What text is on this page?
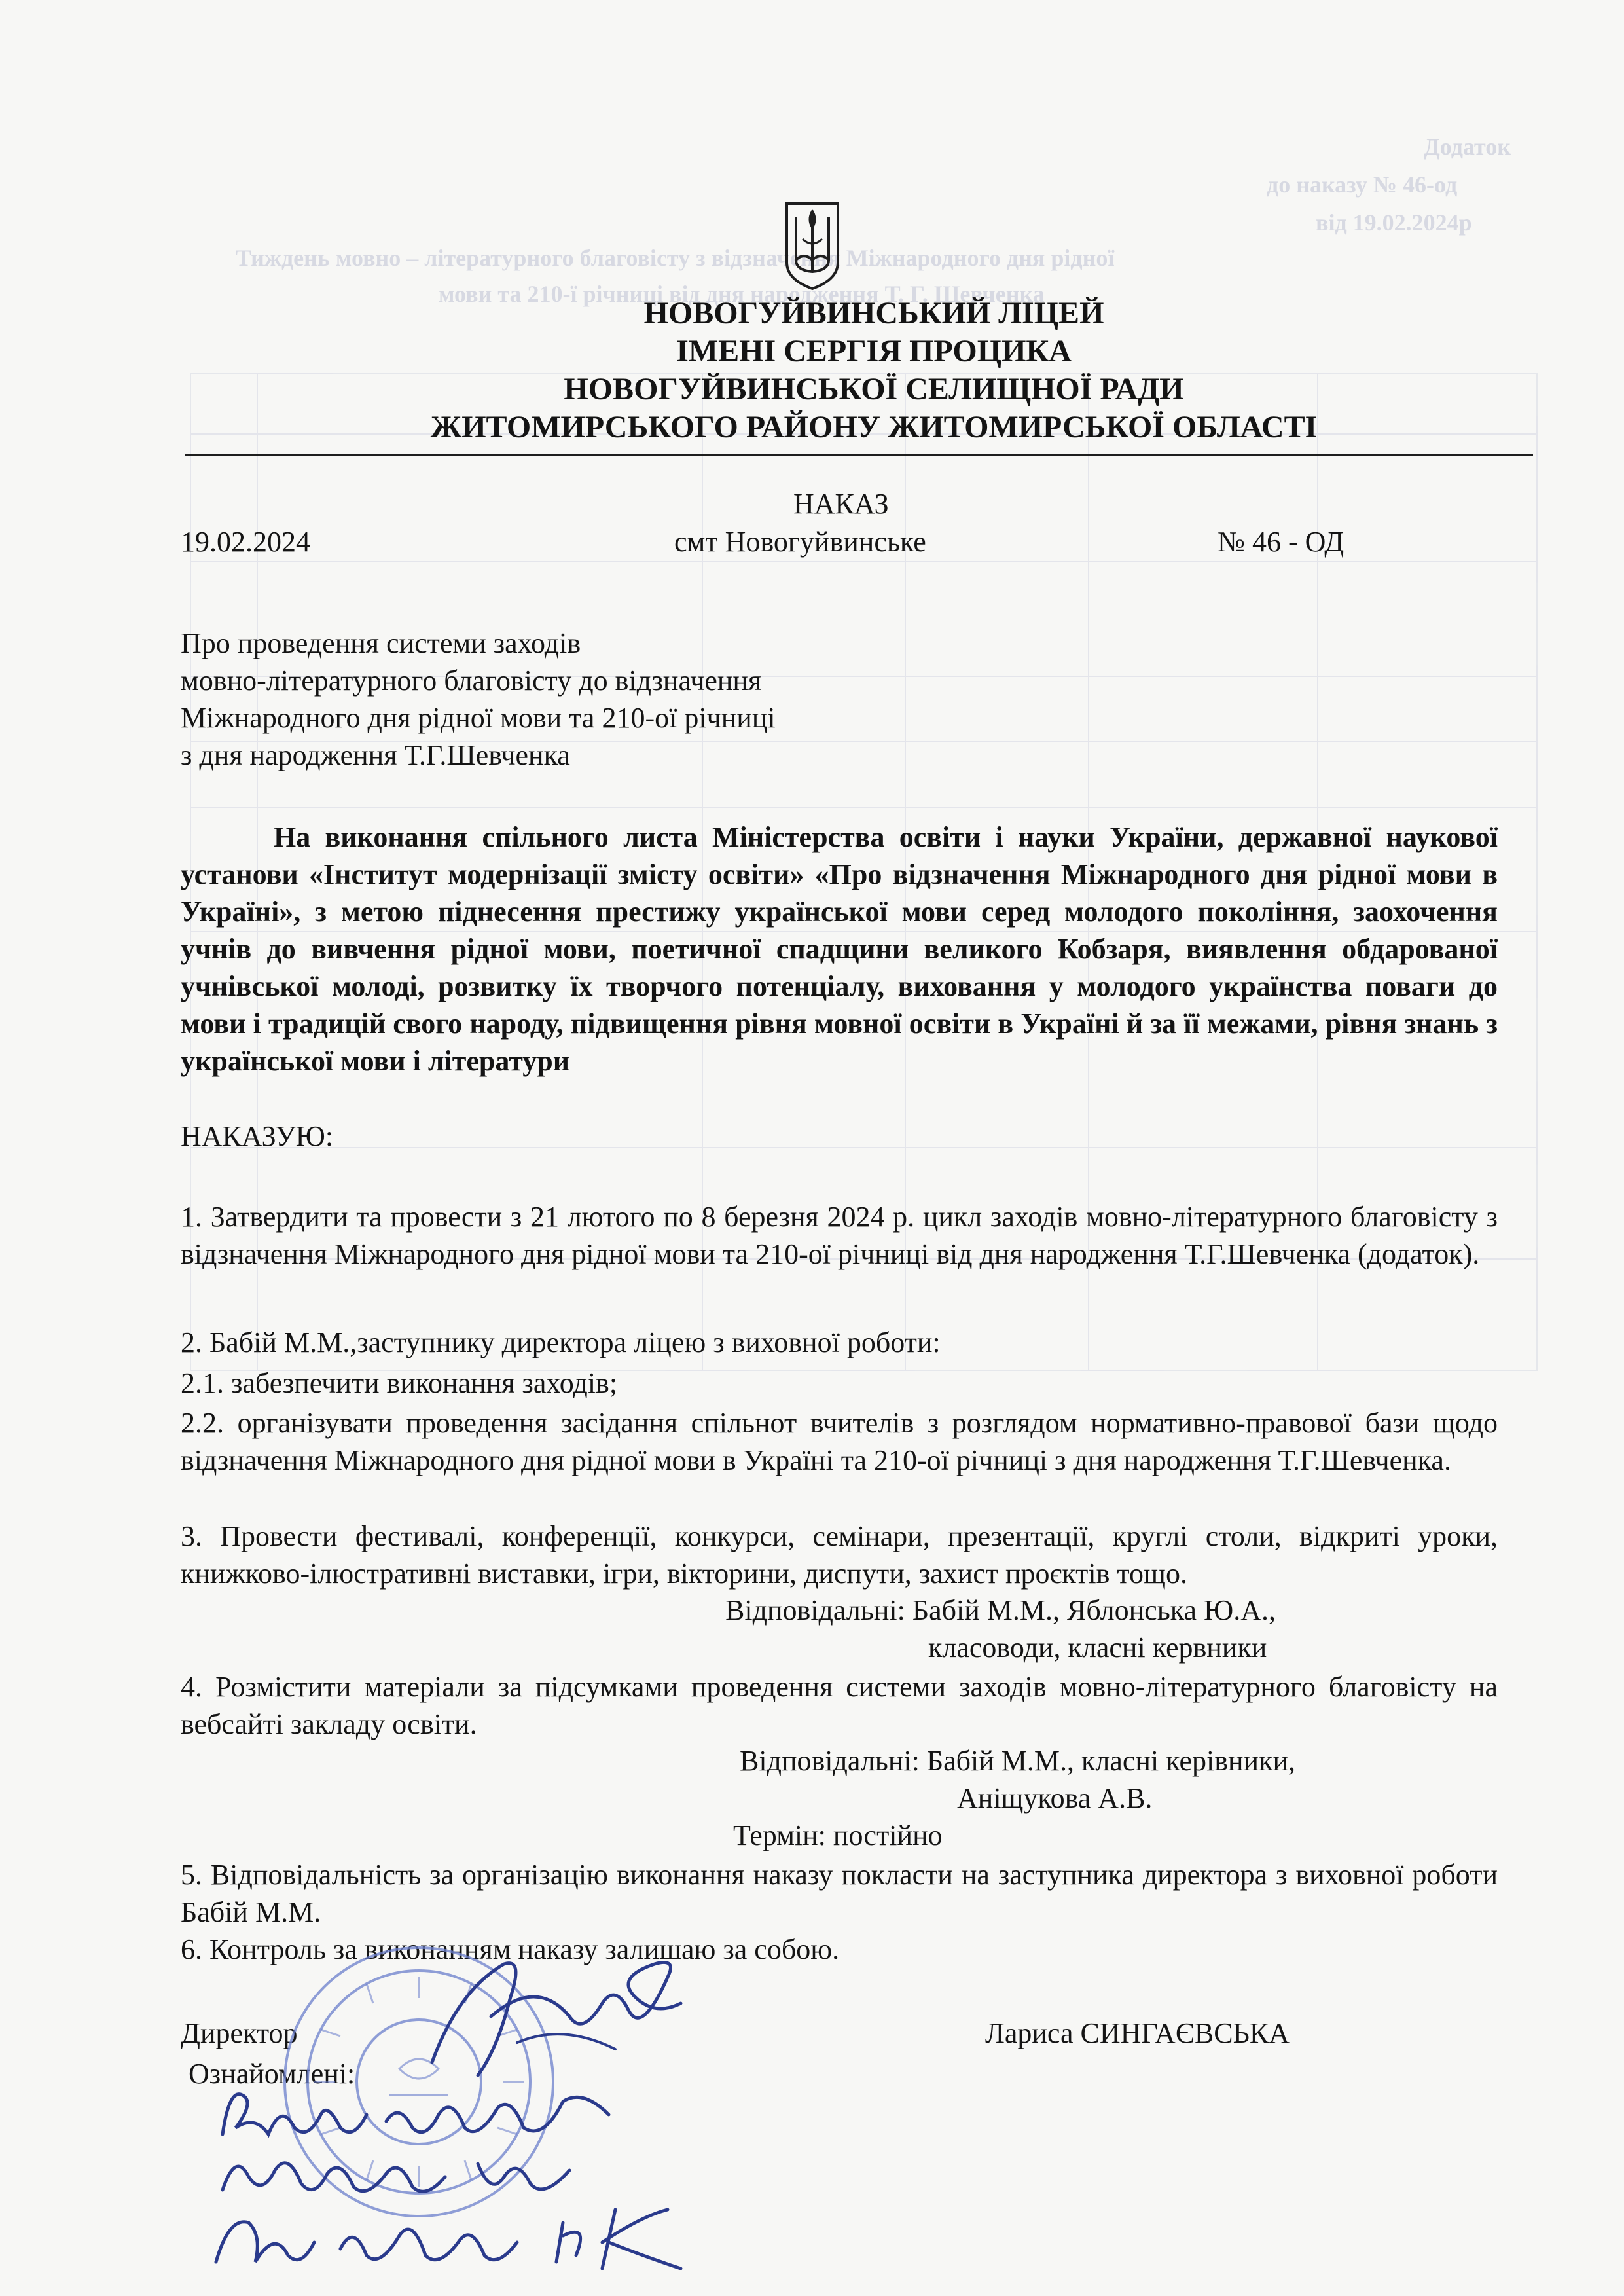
Додаток
до наказу № 46-од
від 19.02.2024р
Тиждень мовно – літературного благовісту з відзначення Міжнародного дня рідної
мови та 210-ї річниці від дня народження Т. Г. Шевченка
НОВОГУЙВИНСЬКИЙ ЛІЦЕЙ
ІМЕНІ СЕРГІЯ ПРОЦИКА
НОВОГУЙВИНСЬКОЇ СЕЛИЩНОЇ РАДИ
ЖИТОМИРСЬКОГО РАЙОНУ ЖИТОМИРСЬКОЇ ОБЛАСТІ
НАКАЗ
19.02.2024	смт Новогуйвинське	№ 46 - ОД
Про проведення системи заходів
мовно-літературного благовісту до відзначення
Міжнародного дня рідної мови та 210-ої річниці
з дня народження Т.Г.Шевченка
На виконання спільного листа Міністерства освіти і науки України, державної наукової установи «Інститут модернізації змісту освіти» «Про відзначення Міжнародного дня рідної мови в Україні», з метою піднесення престижу української мови серед молодого покоління, заохочення учнів до вивчення рідної мови, поетичної спадщини великого Кобзаря, виявлення обдарованої учнівської молоді, розвитку їх творчого потенціалу, виховання у молодого українства поваги до мови і традицій свого народу, підвищення рівня мовної освіти в Україні й за її межами, рівня знань з української мови і літератури
НАКАЗУЮ:
1. Затвердити та провести з 21 лютого по 8 березня 2024 р. цикл заходів мовно-літературного благовісту з відзначення Міжнародного дня рідної мови та 210-ої річниці від дня народження Т.Г.Шевченка (додаток).
2. Бабій М.М.,заступнику директора ліцею з виховної роботи:
2.1. забезпечити виконання заходів;
2.2. організувати проведення засідання спільнот вчителів з розглядом нормативно-правової бази щодо відзначення Міжнародного дня рідної мови в Україні та 210-ої річниці з дня народження Т.Г.Шевченка.
3. Провести фестивалі, конференції, конкурси, семінари, презентації, круглі столи, відкриті уроки, книжково-ілюстративні виставки, ігри, вікторини, диспути, захист проєктів тощо.
Відповідальні: Бабій М.М., Яблонська Ю.А.,
класоводи, класні кервники
4. Розмістити матеріали за підсумками проведення системи заходів мовно-літературного благовісту на вебсайті закладу освіти.
Відповідальні: Бабій М.М., класні керівники,
Аніщукова А.В.
Термін: постійно
5. Відповідальність за організацію виконання наказу покласти на заступника директора з виховної роботи Бабій М.М.
6. Контроль за виконанням наказу залишаю за собою.
Директор	Лариса СИНГАЄВСЬКА
Ознайомлені:
